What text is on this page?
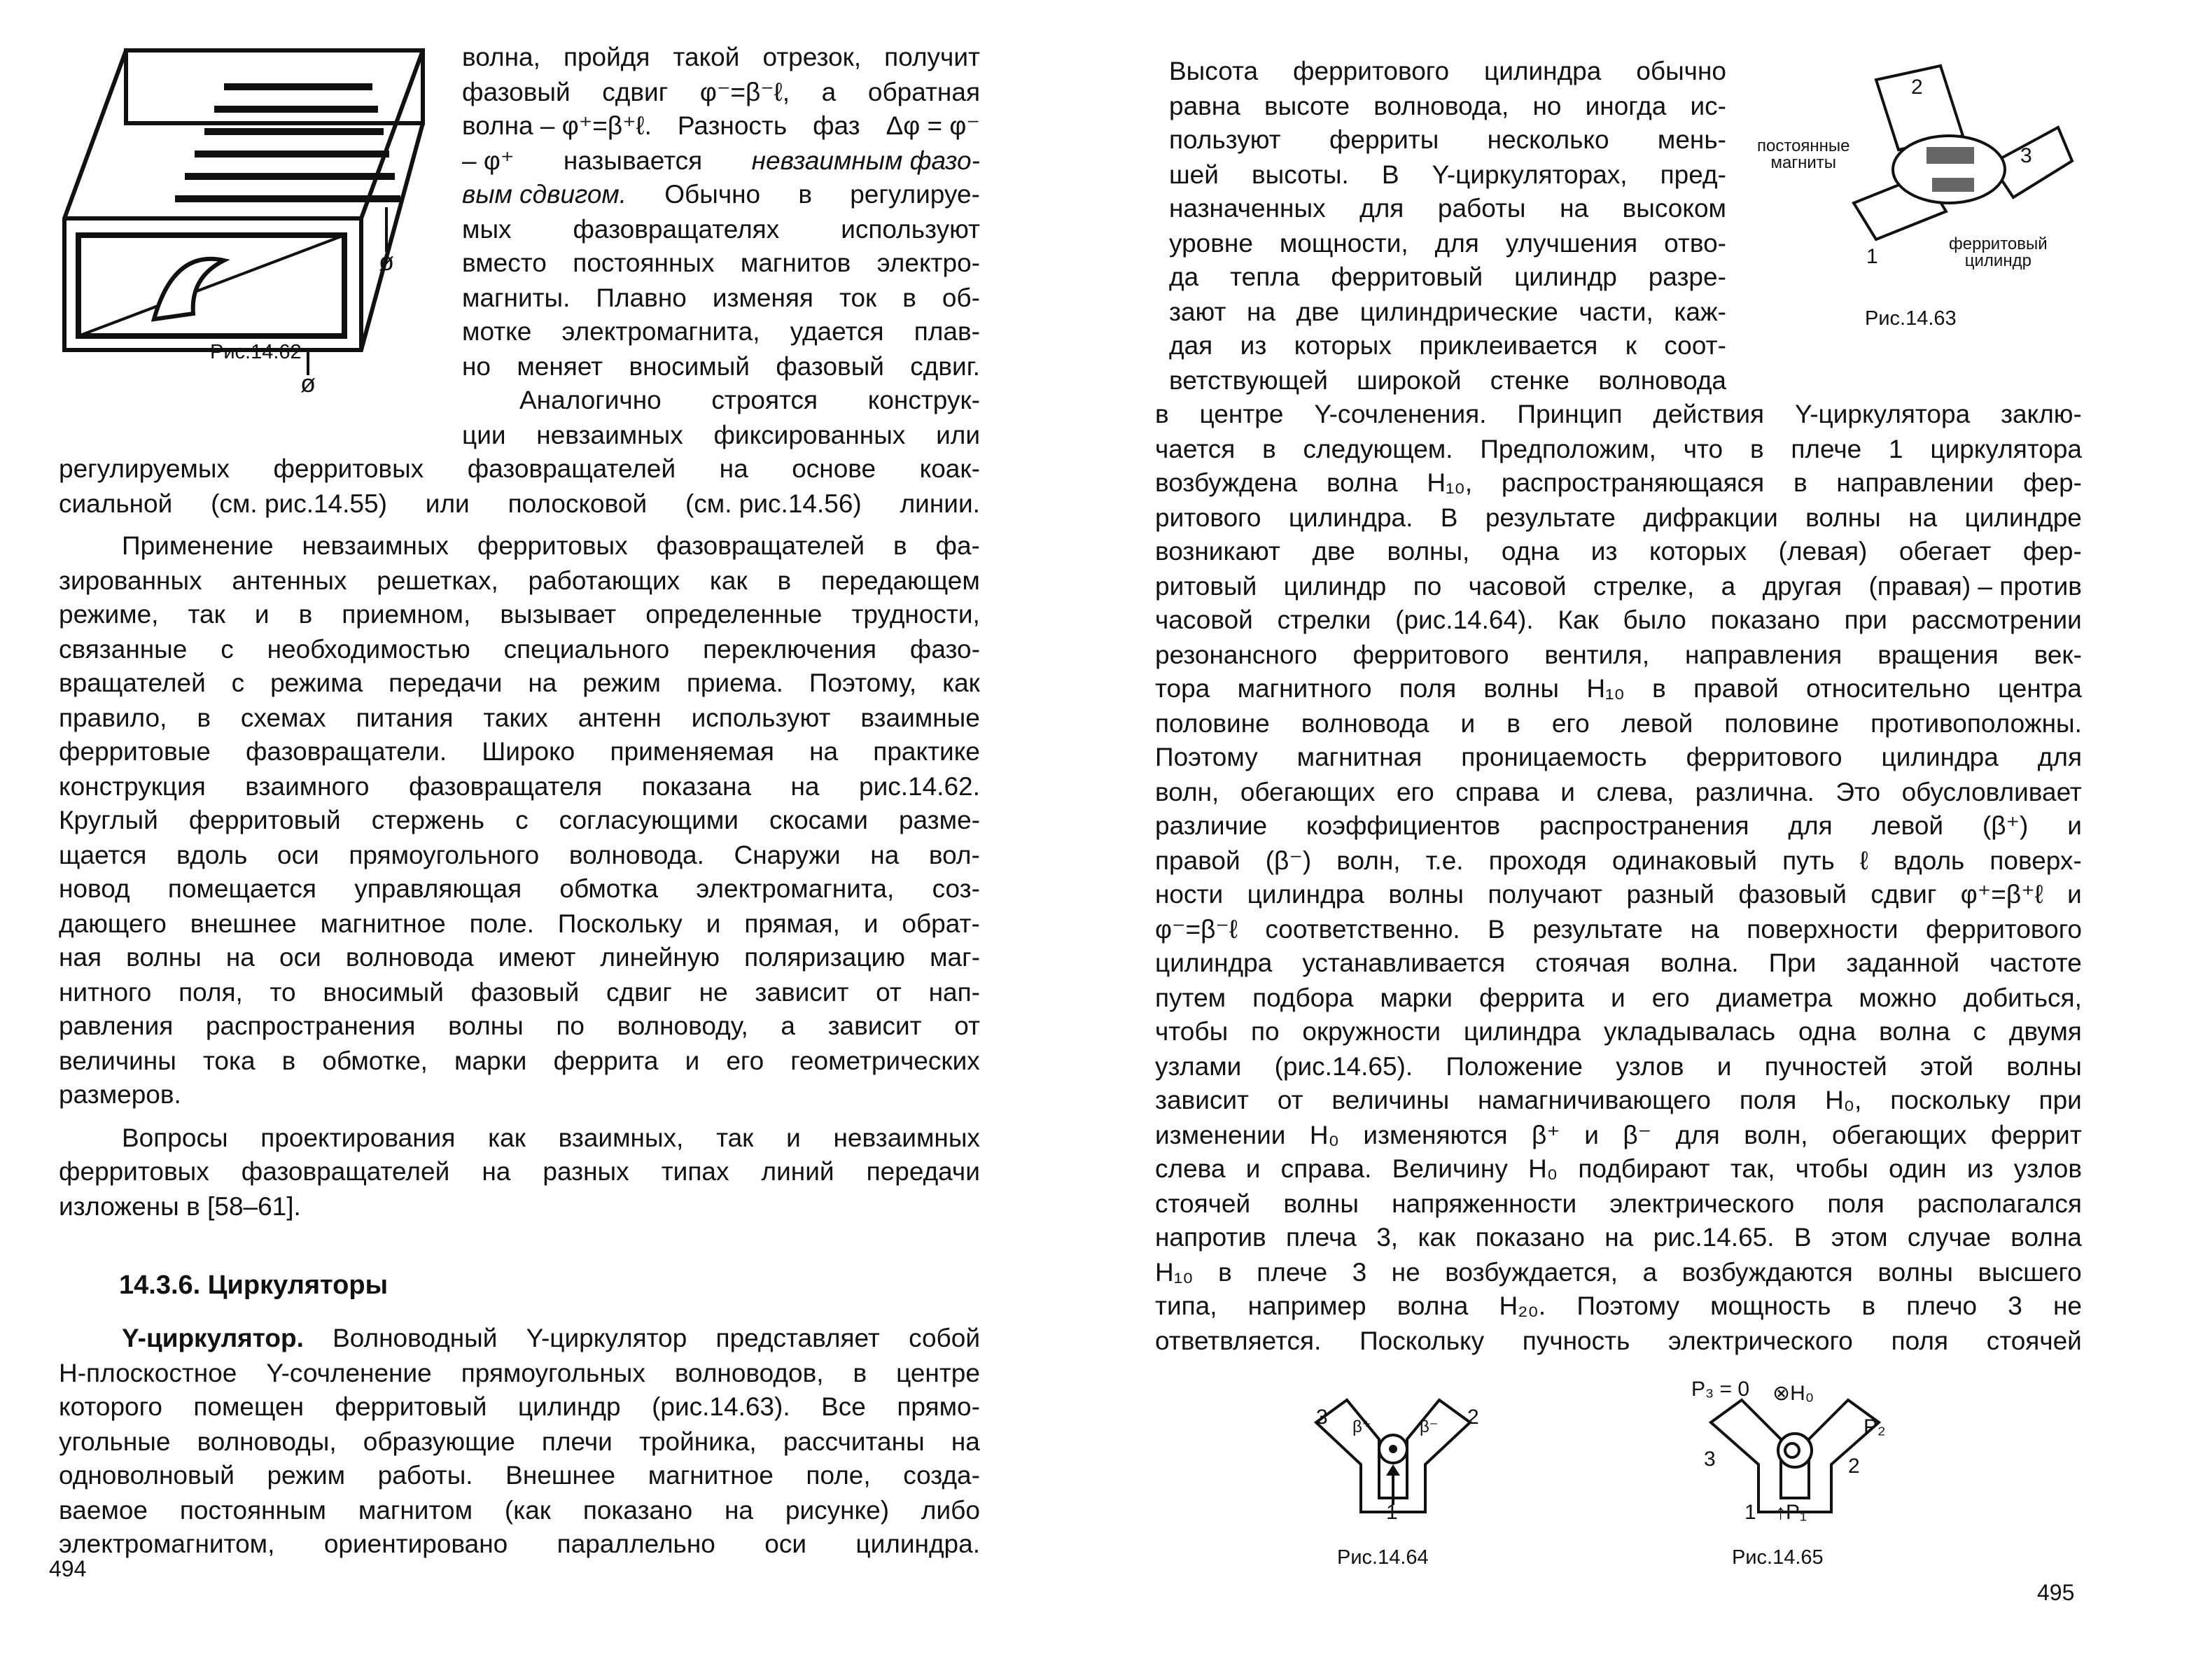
ø
ø
Рис.14.62
волна, пройдя такой отрезок, получит
фазовый сдвиг φ⁻=β⁻ℓ, а обратная
волна – φ⁺=β⁺ℓ. Разность фаз Δφ = φ⁻
– φ⁺	называется	невзаимным фазо-
вым сдвигом.	Обычно	в	регулируе-
мых	фазовращателях	используют
вместо постоянных магнитов электро-
магниты. Плавно изменяя ток в об-
мотке электромагнита, удается плав-
но меняет вносимый фазовый сдвиг.
Аналогично	строятся	конструк-
ции невзаимных фиксированных или
14.3.6. Циркуляторы
регулируемых	ферритовых	фазовращателей	на	основе	коак-
сиальной	(см. рис.14.55)	или	полосковой	(см. рис.14.56)	линии.
Применение невзаимных ферритовых фазовращателей в фа-
зированных антенных решетках, работающих как в передающем
режиме, так и в приемном, вызывает определенные трудности,
связанные	с	необходимостью	специального	переключения	фазо-
вращателей с режима передачи на режим приема. Поэтому, как
правило, в схемах питания таких антенн используют взаимные
ферритовые	фазовращатели.	Широко	применяемая	на	практике
конструкция	взаимного	фазовращателя	показана	на	рис.14.62.
Круглый ферритовый стержень с согласующими скосами разме-
щается вдоль оси прямоугольного волновода. Снаружи на вол-
новод	помещается	управляющая	обмотка	электромагнита,	соз-
дающего внешнее магнитное поле. Поскольку и прямая, и обрат-
ная волны на оси волновода имеют линейную поляризацию маг-
нитного поля, то вносимый фазовый сдвиг не зависит от нап-
равления	распространения	волны	по	волноводу,	а	зависит	от
величины тока в обмотке, марки феррита и его геометрических
размеров.
Вопросы	проектирования	как	взаимных,	так	и	невзаимных
ферритовых фазовращателей на разных типах линий передачи
изложены в [58–61].
Y-циркулятор. Волноводный Y-циркулятор представляет собой
H-плоскостное Y-сочленение прямоугольных волноводов, в центре
которого помещен ферритовый цилиндр (рис.14.63). Все прямо-
угольные волноводы, образующие плечи тройника, рассчитаны на
одноволновый	режим	работы.	Внешнее	магнитное	поле,	созда-
ваемое постоянным магнитом (как показано на рисунке) либо
электромагнитом,	ориентировано	параллельно	оси	цилиндра.
494
2
3
1
постоянные
магниты
ферритовый
цилиндр
Рис.14.63
Высота	ферритового	цилиндра	обычно
равна высоте волновода, но иногда ис-
пользуют	ферриты	несколько	мень-
шей	высоты.	В	Y-циркуляторах,	пред-
назначенных	для	работы	на	высоком
уровне мощности, для улучшения отво-
да тепла ферритовый цилиндр разре-
зают на две цилиндрические части, каж-
дая из которых приклеивается к соот-
ветствующей широкой стенке волновода
в центре Y-сочленения. Принцип действия Y-циркулятора заклю-
чается в следующем. Предположим, что в плече 1 циркулятора
возбуждена волна H₁₀, распространяющаяся в направлении фер-
ритового цилиндра. В результате дифракции волны на цилиндре
возникают две волны, одна из которых (левая) обегает фер-
ритовый цилиндр по часовой стрелке, а другая (правая) – против
часовой стрелки (рис.14.64). Как было показано при рассмотрении
резонансного	ферритового	вентиля,	направления	вращения	век-
тора магнитного поля волны H₁₀ в правой относительно центра
половине волновода и в его левой половине противоположны.
Поэтому	магнитная	проницаемость	ферритового	цилиндра	для
волн, обегающих его справа и слева, различна. Это обусловливает
различие	коэффициентов	распространения	для	левой	(β⁺)	и
правой (β⁻) волн, т.е. проходя одинаковый путь ℓ вдоль поверх-
ности цилиндра волны получают разный фазовый сдвиг φ⁺=β⁺ℓ и
φ⁻=β⁻ℓ соответственно. В результате на поверхности ферритового
цилиндра устанавливается стоячая волна. При заданной частоте
путем подбора марки феррита и его диаметра можно добиться,
чтобы по окружности цилиндра укладывалась одна волна с двумя
узлами	(рис.14.65).	Положение	узлов	и	пучностей	этой	волны
зависит от величины намагничивающего поля H₀, поскольку при
изменении H₀ изменяются β⁺ и β⁻ для волн, обегающих феррит
слева и справа. Величину H₀ подбирают так, чтобы один из узлов
стоячей	волны	напряженности	электрического	поля	располагался
напротив плеча 3, как показано на рис.14.65. В этом случае волна
H₁₀ в плече 3 не возбуждается, а возбуждаются волны высшего
типа, например волна H₂₀. Поэтому мощность в плечо 3 не
ответвляется.	Поскольку	пучность	электрического	поля	стоячей
β⁺	β⁻
3	2
1
Рис.14.64
P₃ = 0 ⊗H₀
P₂
3	2
1 ↑P₁
Рис.14.65
495
